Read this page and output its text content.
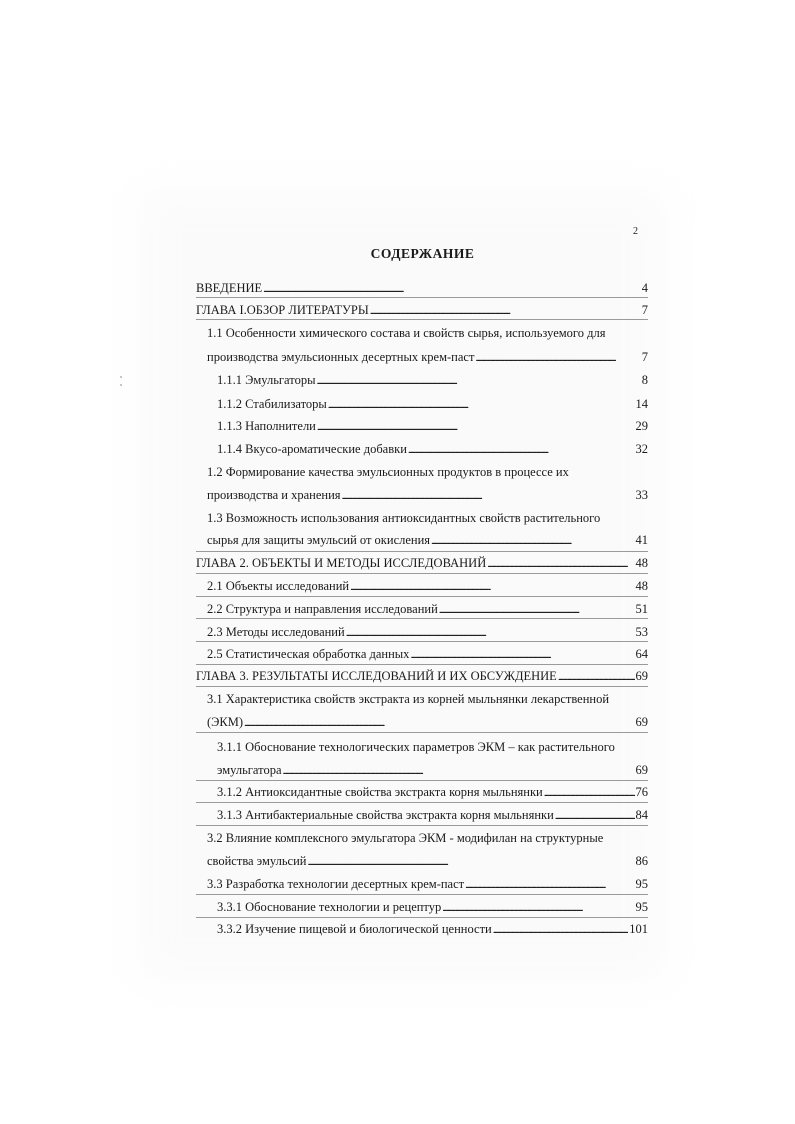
2
СОДЕРЖАНИЕ
ВВЕДЕНИЕ . . .	4
ГЛАВА I.ОБЗОР ЛИТЕРАТУРЫ . . .	7
1.1 Особенности химического состава и свойств сырья, используемого для
производства эмульсионных десертных крем-паст . . .	7
1.1.1 Эмульгаторы . . .	8
1.1.2 Стабилизаторы . . .	14
1.1.3 Наполнители . . .	29
1.1.4 Вкусо-ароматические добавки . . .	32
1.2 Формирование качества эмульсионных продуктов в процессе их
производства и хранения . . .	33
1.3 Возможность использования антиоксидантных свойств растительного
сырья для защиты эмульсий от окисления . . .	41
ГЛАВА 2. ОБЪЕКТЫ И МЕТОДЫ ИССЛЕДОВАНИЙ . . .	48
2.1 Объекты исследований . . .	48
2.2 Структура и направления исследований . . .	51
2.3 Методы исследований . . .	53
2.5 Статистическая обработка данных . . .	64
ГЛАВА 3. РЕЗУЛЬТАТЫ ИССЛЕДОВАНИЙ И ИХ ОБСУЖДЕНИЕ . . .	69
3.1 Характеристика свойств экстракта из корней мыльнянки лекарственной
(ЭКМ) . . .	69
3.1.1 Обоснование технологических параметров ЭКМ – как растительного
эмульгатора . . .	69
3.1.2 Антиоксидантные свойства экстракта корня мыльнянки . . .	76
3.1.3 Антибактериальные свойства экстракта корня мыльнянки . . .	84
3.2 Влияние комплексного эмульгатора ЭКМ - модифилан на структурные
свойства эмульсий . . .	86
3.3 Разработка технологии десертных крем-паст . . .	95
3.3.1 Обоснование технологии и рецептур . . .	95
3.3.2 Изучение пищевой и биологической ценности . . .	101
